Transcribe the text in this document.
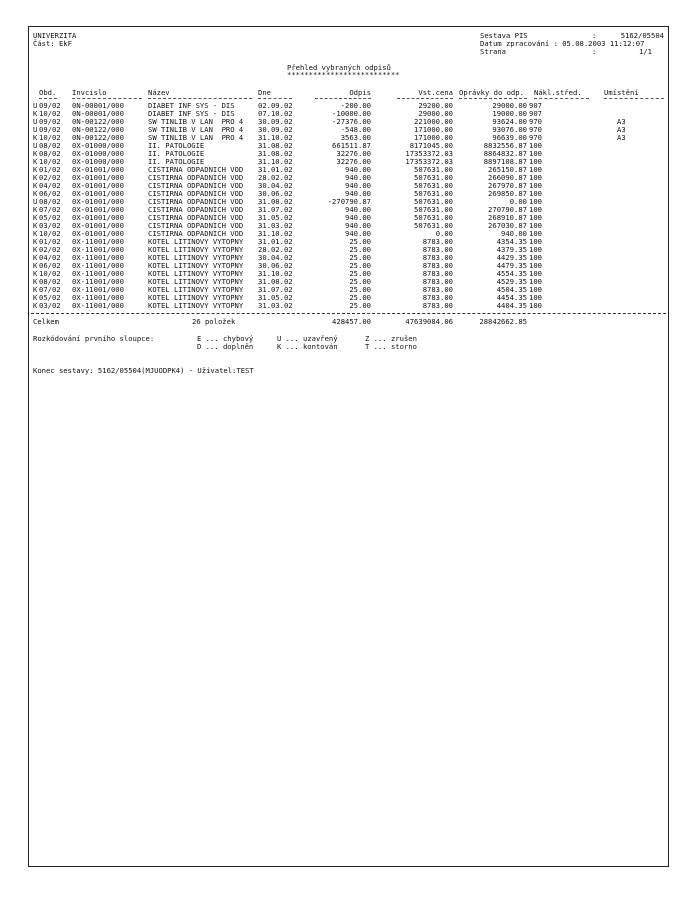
UNIVERZITA
Část: EkF
Sestava PIS	:	5162/05504
Datum zpracování : 05.08.2003 11:12:07
Strana	:	1/1
Přehled vybraných odpisů
**************************
Obd. Invcislo	Název	Dne	Odpis	Vst.cena Oprávky do odp. Nákl.střed.	Umístění
U 09/02 0N-00001/000	DIABET INF SYS - DIS	02.09.02	-200.00	29200.00	29000.00 907
K 10/02 0N-00001/000	DIABET INF SYS - DIS	07.10.02	-10000.00	29000.00	19000.00 907
U 09/02 0N-00122/000	SW TINLIB V LAN  PRO 4 30.09.02	-27376.00	221000.00	93624.00 970	A3
U 09/02 0N-00122/000	SW TINLIB V LAN  PRO 4 30.09.02	-548.00	171000.00	93076.00 970	A3
K 10/02 0N-00122/000	SW TINLIB V LAN  PRO 4 31.10.02	3563.00	171000.00	96639.00 970	A3
U 08/02 0X-01000/000	II. PATOLOGIE	31.08.02	661511.87	8171045.00	8832556.87 100
K 08/02 0X-01000/000	II. PATOLOGIE	31.08.02	32276.00	17353372.03	8864832.87 100
K 10/02 0X-01000/000	II. PATOLOGIE	31.10.02	32276.00	17353372.03	8897108.87 100
K 01/02 0X-01001/000	CISTIRNA ODPADNICH VOD 31.01.02	940.00	507631.00	265150.87 100
K 02/02 0X-01001/000	CISTIRNA ODPADNICH VOD 28.02.02	940.00	507631.00	266090.87 100
K 04/02 0X-01001/000	CISTIRNA ODPADNICH VOD 30.04.02	940.00	507631.00	267970.87 100
K 06/02 0X-01001/000	CISTIRNA ODPADNICH VOD 30.06.02	940.00	507631.00	269850.87 100
U 08/02 0X-01001/000	CISTIRNA ODPADNICH VOD 31.08.02	-270790.87	507631.00	0.00 100
K 07/02 0X-01001/000	CISTIRNA ODPADNICH VOD 31.07.02	940.00	507631.00	270790.87 100
K 05/02 0X-01001/000	CISTIRNA ODPADNICH VOD 31.05.02	940.00	507631.00	268910.87 100
K 03/02 0X-01001/000	CISTIRNA ODPADNICH VOD 31.03.02	940.00	507631.00	267030.87 100
K 10/02 0X-01001/000	CISTIRNA ODPADNICH VOD 31.10.02	940.00	0.00	940.00 100
K 01/02 0X-11001/000	KOTEL LITINOVY VYTOPNY 31.01.02	25.00	8783.00	4354.35 100
K 02/02 0X-11001/000	KOTEL LITINOVY VYTOPNY 28.02.02	25.00	8783.00	4379.35 100
K 04/02 0X-11001/000	KOTEL LITINOVY VYTOPNY 30.04.02	25.00	8783.00	4429.35 100
K 06/02 0X-11001/000	KOTEL LITINOVY VYTOPNY 30.06.02	25.00	8783.00	4479.35 100
K 10/02 0X-11001/000	KOTEL LITINOVY VYTOPNY 31.10.02	25.00	8783.00	4554.35 100
K 08/02 0X-11001/000	KOTEL LITINOVY VYTOPNY 31.08.02	25.00	8783.00	4529.35 100
K 07/02 0X-11001/000	KOTEL LITINOVY VYTOPNY 31.07.02	25.00	8783.00	4504.35 100
K 05/02 0X-11001/000	KOTEL LITINOVY VYTOPNY 31.05.02	25.00	8783.00	4454.35 100
K 03/02 0X-11001/000	KOTEL LITINOVY VYTOPNY 31.03.02	25.00	8783.00	4404.35 100
Celkem	26 položek	428457.00	47639084.06	28842662.85
Rozkódování prvního sloupce:	E ... chybový	U ... uzavřený	Z ... zrušen
D ... doplněn	K ... kontován	T ... storno
Konec sestavy: 5162/05504(MJUODPK4) - Uživatel:TEST
